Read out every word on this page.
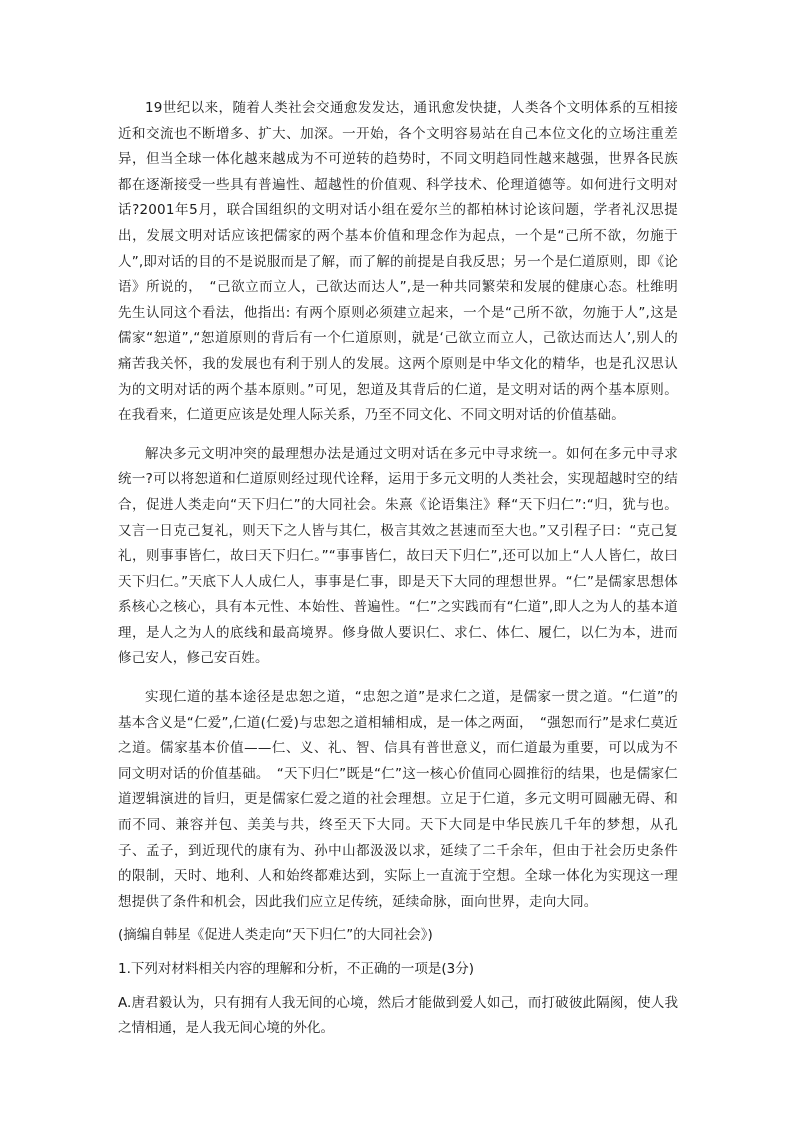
19世纪以来，随着人类社会交通愈发发达，通讯愈发快捷，人类各个文明体系的互相接近和交流也不断增多、扩大、加深。一开始，各个文明容易站在自己本位文化的立场注重差异，但当全球一体化越来越成为不可逆转的趋势时，不同文明趋同性越来越强，世界各民族都在逐渐接受一些具有普遍性、超越性的价值观、科学技术、伦理道德等。如何进行文明对话?2001年5月，联合国组织的文明对话小组在爱尔兰的都柏林讨论该问题，学者礼汉思提出，发展文明对话应该把儒家的两个基本价值和理念作为起点，一个是“己所不欲，勿施于人”,即对话的目的不是说服而是了解，而了解的前提是自我反思；另一个是仁道原则，即《论语》所说的，　“己欲立而立人，己欲达而达人”,是一种共同繁荣和发展的健康心态。杜维明先生认同这个看法，他指出: 有两个原则必须建立起来，一个是“己所不欲，勿施于人”,这是儒家“恕道”,“恕道原则的背后有一个仁道原则，就是‘己欲立而立人，己欲达而达人’,别人的痛苦我关怀，我的发展也有利于别人的发展。这两个原则是中华文化的精华，也是孔汉思认为的文明对话的两个基本原则。”可见，恕道及其背后的仁道，是文明对话的两个基本原则。在我看来，仁道更应该是处理人际关系，乃至不同文化、不同文明对话的价值基础。

解决多元文明冲突的最理想办法是通过文明对话在多元中寻求统一。如何在多元中寻求统一?可以将恕道和仁道原则经过现代诠释，运用于多元文明的人类社会，实现超越时空的结合，促进人类走向“天下归仁”的大同社会。朱熹《论语集注》释“天下归仁”:“归，犹与也。又言一日克己复礼，则天下之人皆与其仁，极言其效之甚速而至大也。”又引程子曰：“克己复礼，则事事皆仁，故曰天下归仁。”“事事皆仁，故曰天下归仁”,还可以加上“人人皆仁，故曰天下归仁。”天底下人人成仁人，事事是仁事，即是天下大同的理想世界。“仁”是儒家思想体系核心之核心，具有本元性、本始性、普遍性。“仁”之实践而有“仁道”,即人之为人的基本道理，是人之为人的底线和最高境界。修身做人要识仁、求仁、体仁、履仁，以仁为本，进而修己安人，修己安百姓。

实现仁道的基本途径是忠恕之道，“忠恕之道”是求仁之道，是儒家一贯之道。“仁道”的基本含义是“仁爱”,仁道(仁爱)与忠恕之道相辅相成，是一体之两面，　“强恕而行”是求仁莫近之道。儒家基本价值——仁、义、礼、智、信具有普世意义，而仁道最为重要，可以成为不同文明对话的价值基础。　“天下归仁”既是“仁”这一核心价值同心圆推衍的结果，也是儒家仁道逻辑演进的旨归，更是儒家仁爱之道的社会理想。立足于仁道，多元文明可圆融无碍、和而不同、兼容并包、美美与共，终至天下大同。天下大同是中华民族几千年的梦想，从孔子、孟子，到近现代的康有为、孙中山都汲汲以求，延续了二千余年，但由于社会历史条件的限制，天时、地利、人和始终都难达到，实际上一直流于空想。全球一体化为实现这一理想提供了条件和机会，因此我们应立足传统，延续命脉，面向世界，走向大同。

(摘编自韩星《促进人类走向“天下归仁”的大同社会》)

1.下列对材料相关内容的理解和分析，不正确的一项是(3分)

A.唐君毅认为，只有拥有人我无间的心境，然后才能做到爱人如己，而打破彼此隔阂，使人我之情相通，是人我无间心境的外化。
